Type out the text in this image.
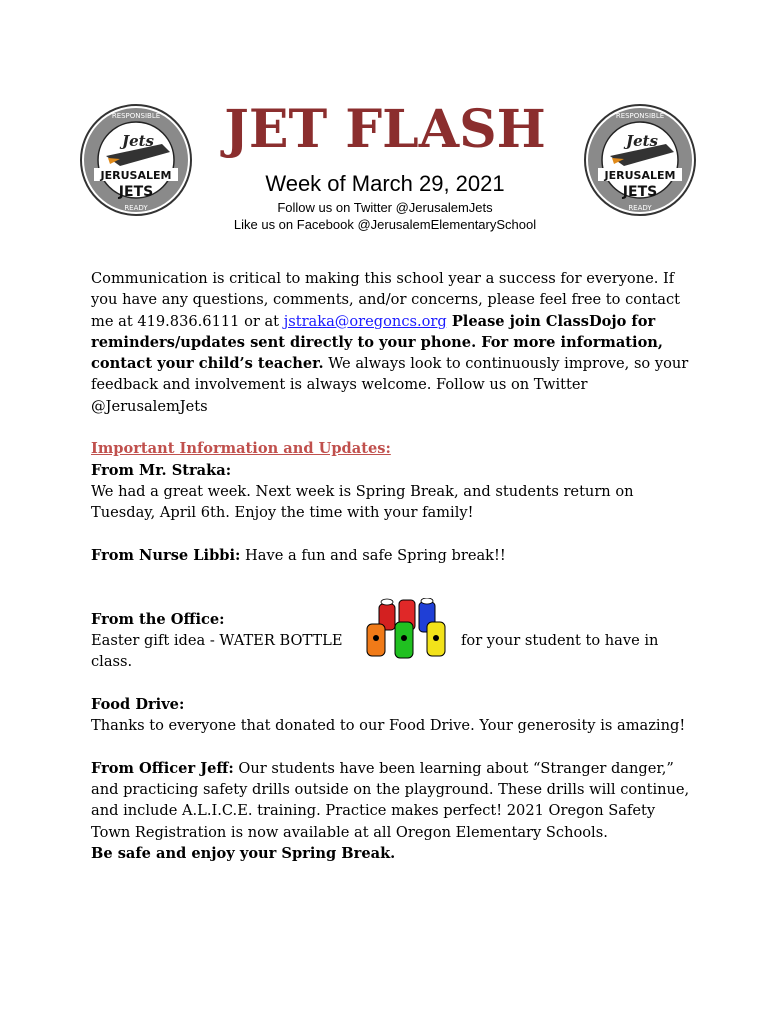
Jets
JERUSALEM
JETS
RESPONSIBLE
READY
JET FLASH
Week of March 29, 2021
Follow us on Twitter @JerusalemJets
Like us on Facebook @JerusalemElementarySchool
Jets
JERUSALEM
JETS
RESPONSIBLE
READY

Communication is critical to making this school year a success for everyone. If you have any questions, comments, and/or concerns, please feel free to contact me at 419.836.6111 or at jstraka@oregoncs.org Please join ClassDojo for reminders/updates sent directly to your phone. For more information, contact your child’s teacher. We always look to continuously improve, so your feedback and involvement is always welcome. Follow us on Twitter @JerusalemJets

Important Information and Updates:
From Mr. Straka:

We had a great week. Next week is Spring Break, and students return on Tuesday, April 6th. Enjoy the time with your family!

From Nurse Libbi: Have a fun and safe Spring break!!

From the Office:
Easter gift idea - WATER BOTTLE	for your student to have in
class.
Food Drive:

Thanks to everyone that donated to our Food Drive. Your generosity is amazing!

From Officer Jeff: Our students have been learning about “Stranger danger,” and practicing safety drills outside on the playground. These drills will continue, and include A.L.I.C.E. training. Practice makes perfect! 2021 Oregon Safety Town Registration is now available at all Oregon Elementary Schools.

Be safe and enjoy your Spring Break.
